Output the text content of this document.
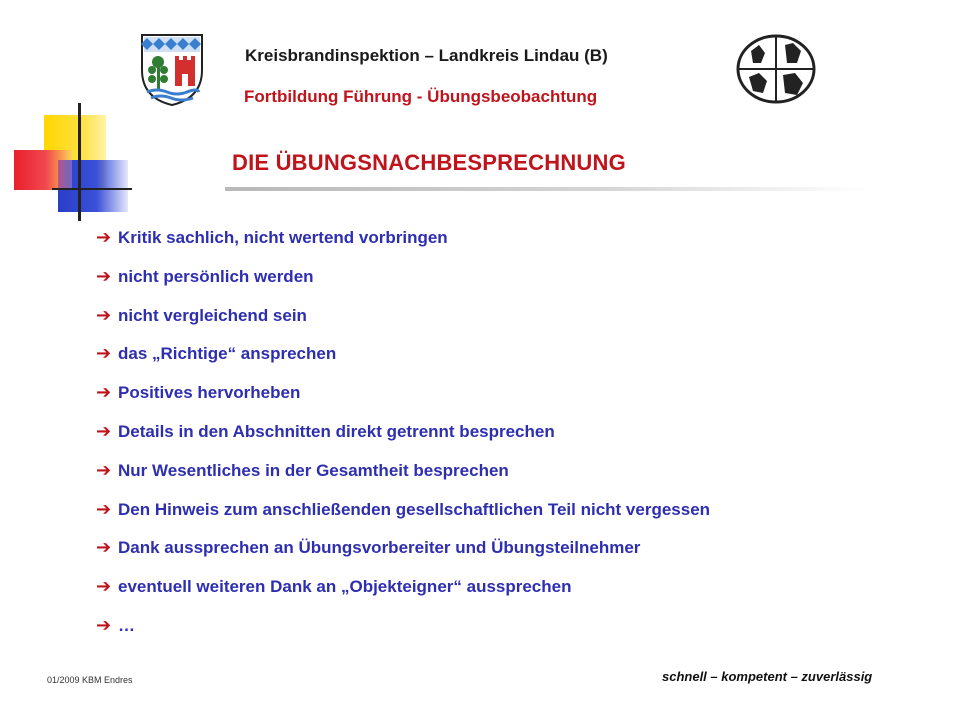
Kreisbrandinspektion – Landkreis Lindau (B)
Fortbildung Führung - Übungsbeobachtung
DIE ÜBUNGSNACHBESPRECHNUNG
➔ Kritik sachlich, nicht wertend vorbringen
➔ nicht persönlich werden
➔ nicht vergleichend sein
➔ das „Richtige“ ansprechen
➔ Positives hervorheben
➔ Details in den Abschnitten direkt getrennt besprechen
➔ Nur Wesentliches in der Gesamtheit besprechen
➔ Den Hinweis zum anschließenden gesellschaftlichen Teil nicht vergessen
➔ Dank aussprechen an Übungsvorbereiter und Übungsteilnehmer
➔ eventuell weiteren Dank an „Objekteigner“ aussprechen
➔ …
01/2009 KBM Endres	schnell – kompetent – zuverlässig
